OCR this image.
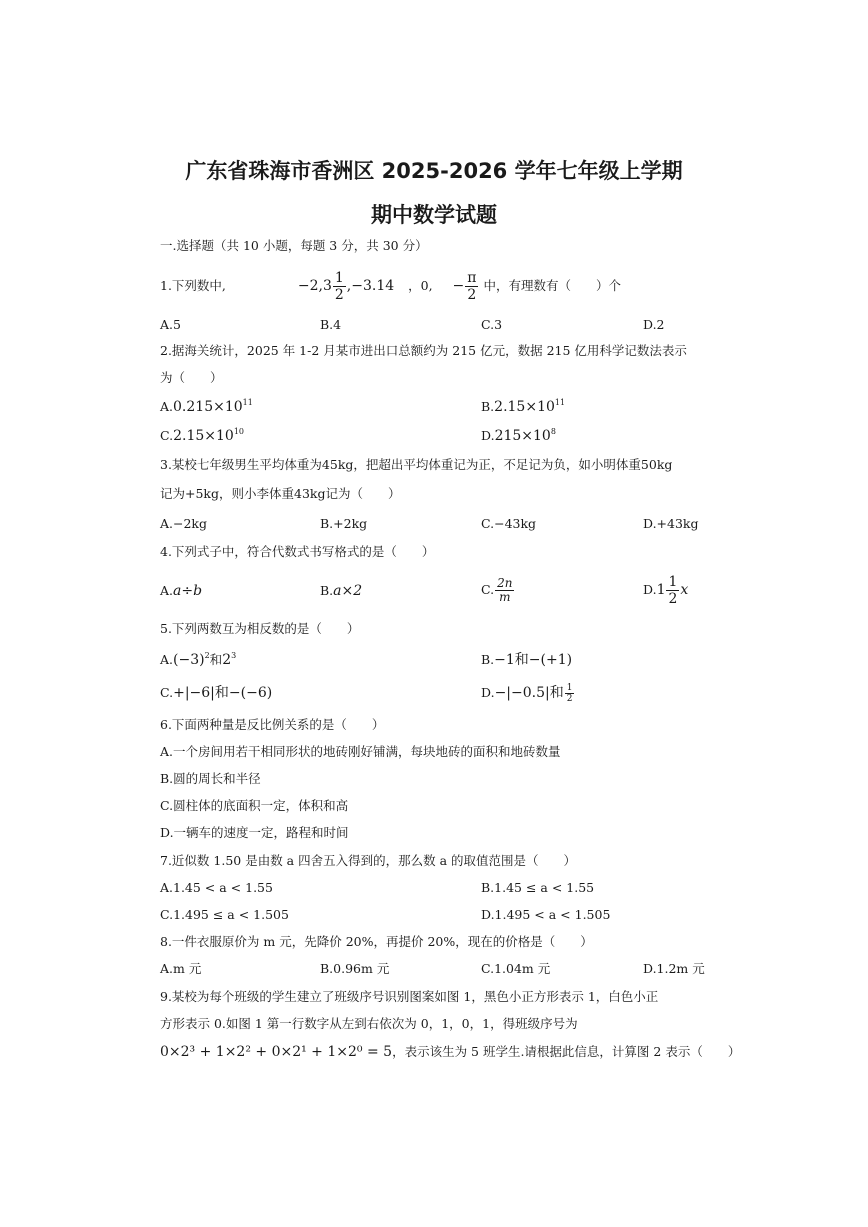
广东省珠海市香洲区 2025-2026 学年七年级上学期
期中数学试题
一.选择题（共 10 小题，每题 3 分，共 30 分）
1.下列数中,	$-2,3 \frac{1}{2} ,-3.14$ ，0, − $\frac{\pi}{2}$ 中，有理数有（　　）个
A.5	B.4	C.3	D.2
2.据海关统计，2025 年 1-2 月某市进出口总额约为 215 亿元，数据 215 亿用科学记数法表示
为（　　）
$A.0.215\times 10^{11}$	$B.2.15\times 10^{11}$
$C.2.15\times 10^{10}$	$D.215\times 10^8$
3.某校七年级男生平均体重为45kg，把超出平均体重记为正，不足记为负，如小明体重50kg
记为+5kg，则小李体重43kg记为（　　）
A.−2kg	B.+2kg	C.−43kg	D.+43kg
4.下列式子中，符合代数式书写格式的是（　　）
A.a÷b	B.a×2	C. $\frac{2n}{m}$	$D.1 \frac{1}{2}$ x
5.下列两数互为相反数的是（　　）
$A.(-3)^2$和$2^3$	B.−1和−(+1)
C.+|−6|和−(−6)	D.−|−0.5|和 $\frac{1}{2}$
6.下面两种量是反比例关系的是（　　）
A.一个房间用若干相同形状的地砖刚好铺满，每块地砖的面积和地砖数量
B.圆的周长和半径
C.圆柱体的底面积一定，体积和高
D.一辆车的速度一定，路程和时间
7.近似数 1.50 是由数 a 四舍五入得到的，那么数 a 的取值范围是（　　）
A.1.45 < a < 1.55	B.1.45 ≤ a < 1.55
C.1.495 ≤ a < 1.505	D.1.495 < a < 1.505
8.一件衣服原价为 m 元，先降价 20%，再提价 20%，现在的价格是（　　）
A.m 元	B.0.96m 元	C.1.04m 元	D.1.2m 元
9.某校为每个班级的学生建立了班级序号识别图案如图 1，黑色小正方形表示 1，白色小正
方形表示 0.如图 1 第一行数字从左到右依次为 0，1，0，1，得班级序号为
0×2³ + 1×2² + 0×2¹ + 1×2⁰ = 5，表示该生为 5 班学生.请根据此信息，计算图 2 表示（　　）
